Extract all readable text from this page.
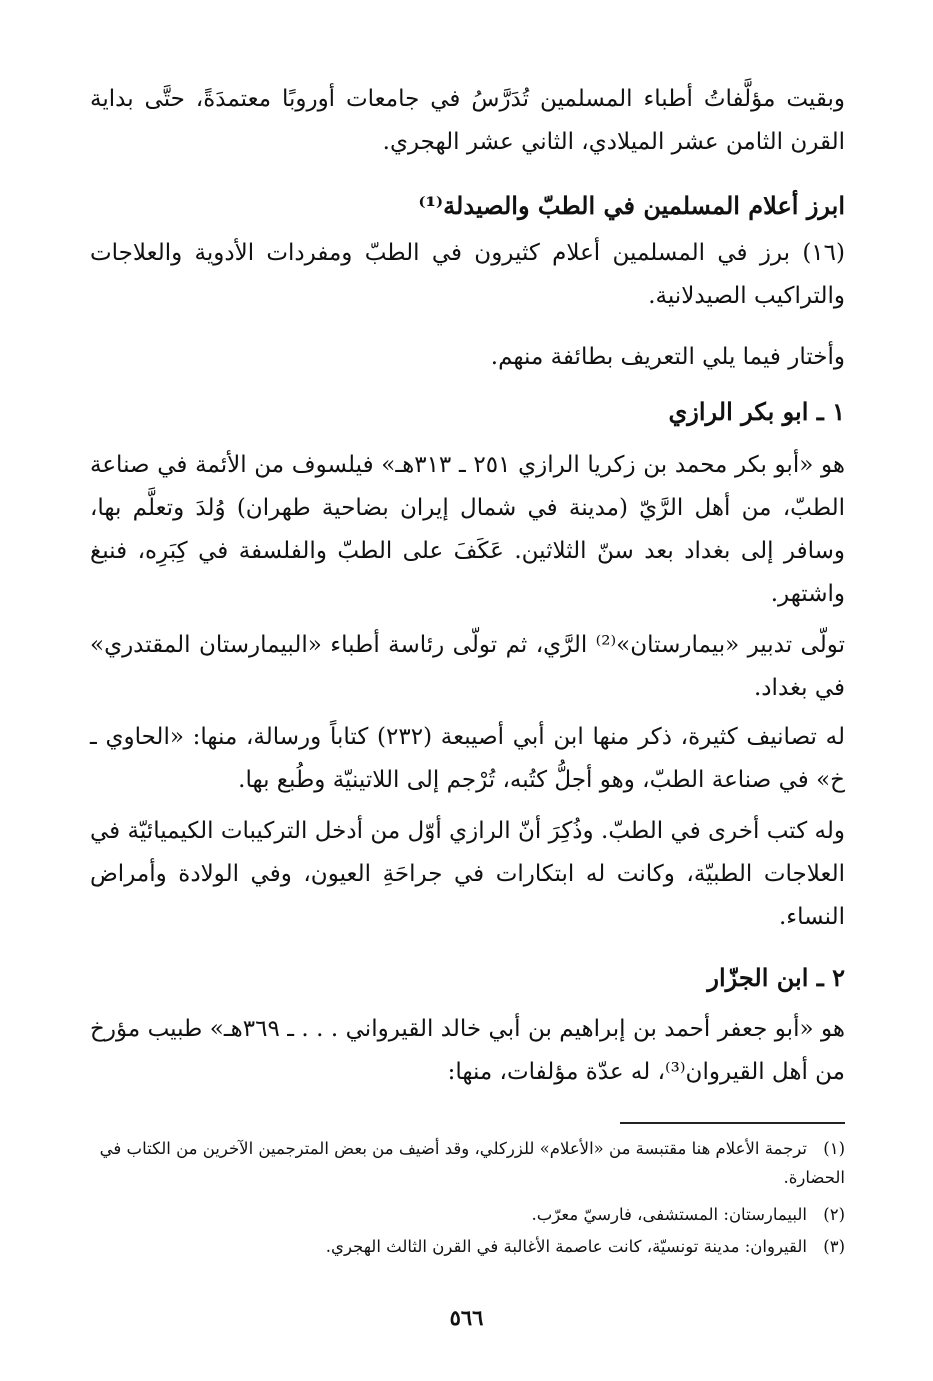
وبقيت مؤلَّفاتُ أطباء المسلمين تُدَرَّسُ في جامعات أوروبًا معتمدَةً، حتَّى بداية القرن الثامن عشر الميلادي، الثاني عشر الهجري.

ابرز أعلام المسلمين في الطبّ والصيدلة⁽¹⁾

(١٦) برز في المسلمين أعلام كثيرون في الطبّ ومفردات الأدوية والعلاجات والتراكيب الصيدلانية.

وأختار فيما يلي التعريف بطائفة منهم.

١ ـ ابو بكر الرازي

هو «أبو بكر محمد بن زكريا الرازي ٢٥١ ـ ٣١٣هـ» فيلسوف من الأئمة في صناعة الطبّ، من أهل الرَّيّ (مدينة في شمال إيران بضاحية طهران) وُلدَ وتعلَّم بها، وسافر إلى بغداد بعد سنّ الثلاثين. عَكَفَ على الطبّ والفلسفة في كِبَرِه، فنبغ واشتهر.

تولّى تدبير «بيمارستان»⁽²⁾ الرَّي، ثم تولّى رئاسة أطباء «البيمارستان المقتدري» في بغداد.

له تصانيف كثيرة، ذكر منها ابن أبي أصيبعة (٢٣٢) كتاباً ورسالة، منها: «الحاوي ـ خ» في صناعة الطبّ، وهو أجلُّ كتُبه، تُرْجم إلى اللاتينيّة وطُبع بها.

وله كتب أخرى في الطبّ. وذُكِرَ أنّ الرازي أوّل من أدخل التركيبات الكيميائيّة في العلاجات الطبيّة، وكانت له ابتكارات في جراحَةِ العيون، وفي الولادة وأمراض النساء.

٢ ـ ابن الجزّار

هو «أبو جعفر أحمد بن إبراهيم بن أبي خالد القيرواني . . . ـ ٣٦٩هـ» طبيب مؤرخ من أهل القيروان⁽³⁾، له عدّة مؤلفات، منها:

(١)ترجمة الأعلام هنا مقتبسة من «الأعلام» للزركلي، وقد أضيف من بعض المترجمين الآخرين من الكتاب في الحضارة.

(٢)البيمارستان: المستشفى، فارسيّ معرّب.

(٣)القيروان: مدينة تونسيّة، كانت عاصمة الأغالبة في القرن الثالث الهجري.

٥٦٦
